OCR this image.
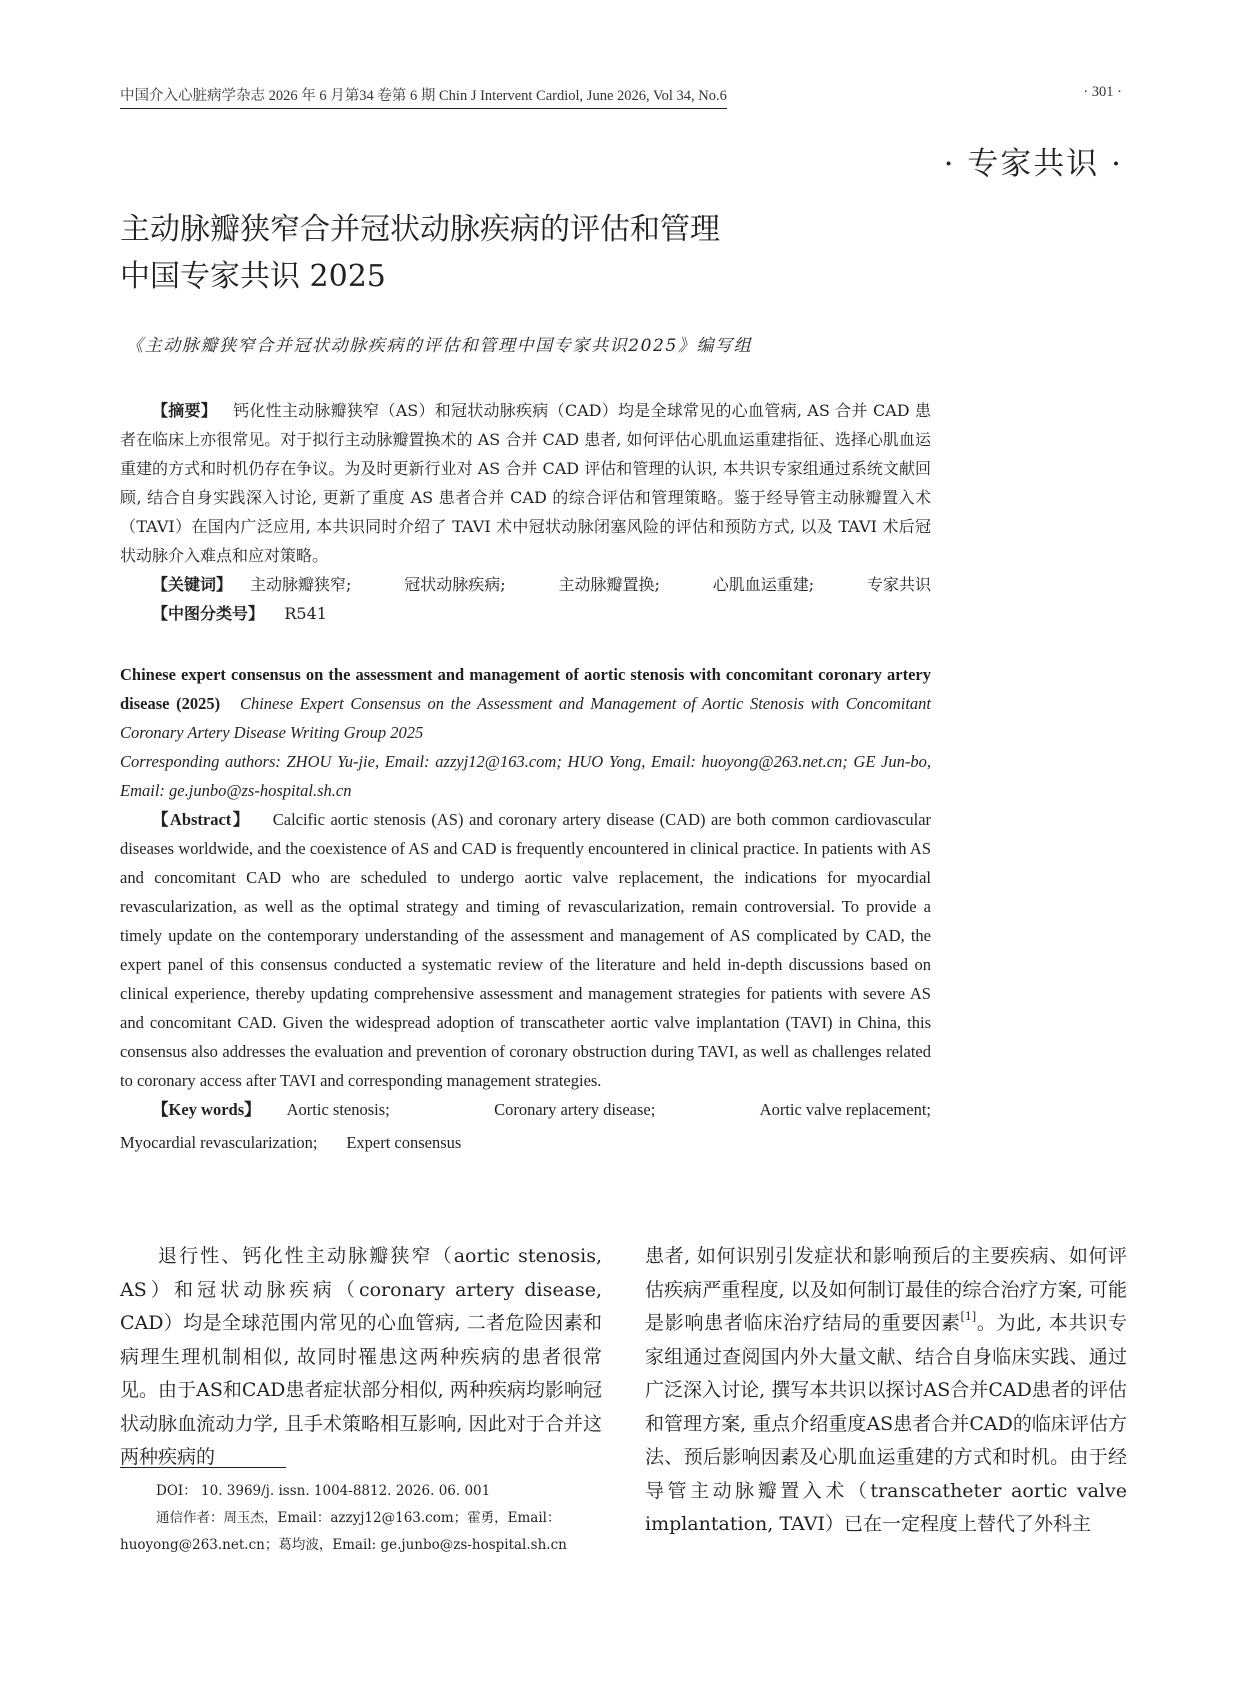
中国介入心脏病学杂志 2026 年 6 月第34 卷第 6 期 Chin J Intervent Cardiol, June 2026, Vol 34, No.6	· 301 ·
· 专家共识 ·
主动脉瓣狭窄合并冠状动脉疾病的评估和管理
中国专家共识 2025
《主动脉瓣狭窄合并冠状动脉疾病的评估和管理中国专家共识2025》编写组

【摘要】 钙化性主动脉瓣狭窄（AS）和冠状动脉疾病（CAD）均是全球常见的心血管病, AS 合并 CAD 患者在临床上亦很常见。对于拟行主动脉瓣置换术的 AS 合并 CAD 患者, 如何评估心肌血运重建指征、选择心肌血运重建的方式和时机仍存在争议。为及时更新行业对 AS 合并 CAD 评估和管理的认识, 本共识专家组通过系统文献回顾, 结合自身实践深入讨论, 更新了重度 AS 患者合并 CAD 的综合评估和管理策略。鉴于经导管主动脉瓣置入术（TAVI）在国内广泛应用, 本共识同时介绍了 TAVI 术中冠状动脉闭塞风险的评估和预防方式, 以及 TAVI 术后冠状动脉介入难点和应对策略。

【关键词】 主动脉瓣狭窄;	冠状动脉疾病;	主动脉瓣置换;	心肌血运重建;	专家共识
【中图分类号】 R541

Chinese expert consensus on the assessment and management of aortic stenosis with concomitant coronary artery disease (2025) Chinese Expert Consensus on the Assessment and Management of Aortic Stenosis with Concomitant Coronary Artery Disease Writing Group 2025

Corresponding authors: ZHOU Yu-jie, Email: azzyj12@163.com; HUO Yong, Email: huoyong@263.net.cn; GE Jun-bo, Email: ge.junbo@zs-hospital.sh.cn

【Abstract】 Calcific aortic stenosis (AS) and coronary artery disease (CAD) are both common cardiovascular diseases worldwide, and the coexistence of AS and CAD is frequently encountered in clinical practice. In patients with AS and concomitant CAD who are scheduled to undergo aortic valve replacement, the indications for myocardial revascularization, as well as the optimal strategy and timing of revascularization, remain controversial. To provide a timely update on the contemporary understanding of the assessment and management of AS complicated by CAD, the expert panel of this consensus conducted a systematic review of the literature and held in-depth discussions based on clinical experience, thereby updating comprehensive assessment and management strategies for patients with severe AS and concomitant CAD. Given the widespread adoption of transcatheter aortic valve implantation (TAVI) in China, this consensus also addresses the evaluation and prevention of coronary obstruction during TAVI, as well as challenges related to coronary access after TAVI and corresponding management strategies.

【Key words】 Aortic stenosis;	Coronary artery disease;	Aortic valve replacement;
Myocardial revascularization; Expert consensus

退行性、钙化性主动脉瓣狭窄（aortic stenosis, AS）和冠状动脉疾病（coronary artery disease, CAD）均是全球范围内常见的心血管病, 二者危险因素和病理生理机制相似, 故同时罹患这两种疾病的患者很常见。由于AS和CAD患者症状部分相似, 两种疾病均影响冠状动脉血流动力学, 且手术策略相互影响, 因此对于合并这两种疾病的

患者, 如何识别引发症状和影响预后的主要疾病、如何评估疾病严重程度, 以及如何制订最佳的综合治疗方案, 可能是影响患者临床治疗结局的重要因素[1]。为此, 本共识专家组通过查阅国内外大量文献、结合自身临床实践、通过广泛深入讨论, 撰写本共识以探讨AS合并CAD患者的评估和管理方案, 重点介绍重度AS患者合并CAD的临床评估方法、预后影响因素及心肌血运重建的方式和时机。由于经导管主动脉瓣置入术（transcatheter aortic valve implantation, TAVI）已在一定程度上替代了外科主

DOI： 10. 3969/j. issn. 1004-8812. 2026. 06. 001

通信作者：周玉杰，Email：azzyj12@163.com；霍勇，Email：huoyong@263.net.cn；葛均波，Email: ge.junbo@zs-hospital.sh.cn
